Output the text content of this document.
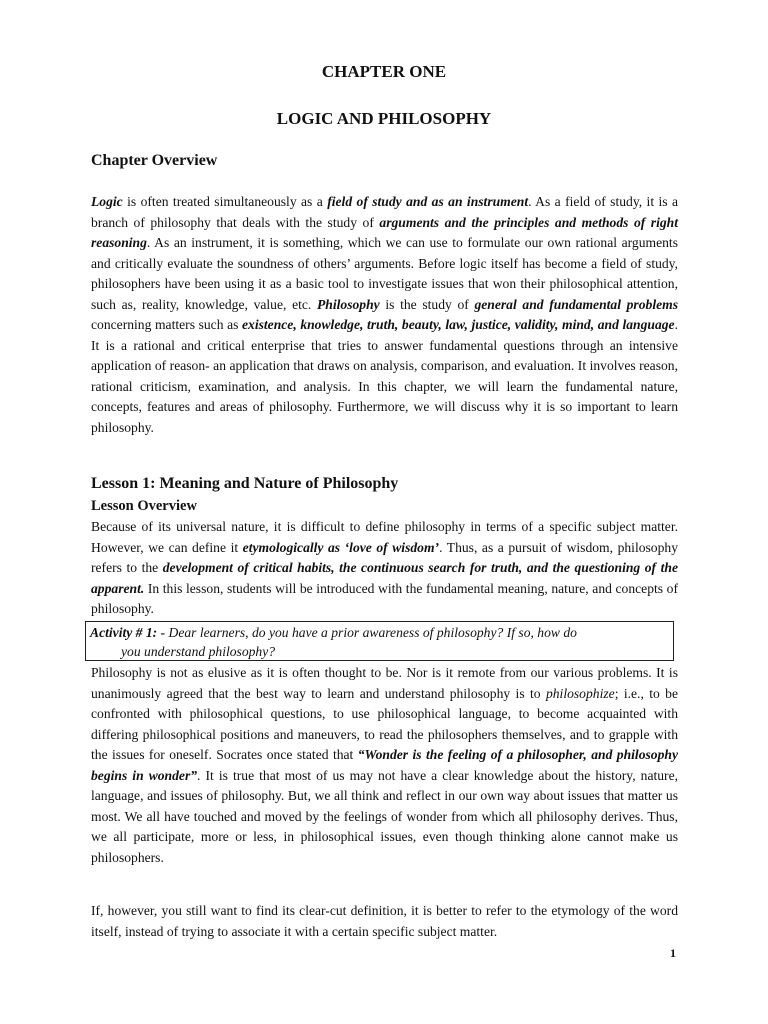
CHAPTER ONE
LOGIC AND PHILOSOPHY
Chapter Overview

Logic is often treated simultaneously as a field of study and as an instrument. As a field of study, it is a branch of philosophy that deals with the study of arguments and the principles and methods of right reasoning. As an instrument, it is something, which we can use to formulate our own rational arguments and critically evaluate the soundness of others’ arguments. Before logic itself has become a field of study, philosophers have been using it as a basic tool to investigate issues that won their philosophical attention, such as, reality, knowledge, value, etc. Philosophy is the study of general and fundamental problems concerning matters such as existence, knowledge, truth, beauty, law, justice, validity, mind, and language. It is a rational and critical enterprise that tries to answer fundamental questions through an intensive application of reason- an application that draws on analysis, comparison, and evaluation. It involves reason, rational criticism, examination, and analysis. In this chapter, we will learn the fundamental nature, concepts, features and areas of philosophy. Furthermore, we will discuss why it is so important to learn philosophy.

Lesson 1: Meaning and Nature of Philosophy
Lesson Overview

Because of its universal nature, it is difficult to define philosophy in terms of a specific subject matter. However, we can define it etymologically as ‘love of wisdom’. Thus, as a pursuit of wisdom, philosophy refers to the development of critical habits, the continuous search for truth, and the questioning of the apparent. In this lesson, students will be introduced with the fundamental meaning, nature, and concepts of philosophy.

Activity # 1: - Dear learners, do you have a prior awareness of philosophy? If so, how do
you understand philosophy?

Philosophy is not as elusive as it is often thought to be. Nor is it remote from our various problems. It is unanimously agreed that the best way to learn and understand philosophy is to philosophize; i.e., to be confronted with philosophical questions, to use philosophical language, to become acquainted with differing philosophical positions and maneuvers, to read the philosophers themselves, and to grapple with the issues for oneself. Socrates once stated that “Wonder is the feeling of a philosopher, and philosophy begins in wonder”. It is true that most of us may not have a clear knowledge about the history, nature, language, and issues of philosophy. But, we all think and reflect in our own way about issues that matter us most. We all have touched and moved by the feelings of wonder from which all philosophy derives. Thus, we all participate, more or less, in philosophical issues, even though thinking alone cannot make us philosophers.

If, however, you still want to find its clear-cut definition, it is better to refer to the etymology of the word itself, instead of trying to associate it with a certain specific subject matter.

1
